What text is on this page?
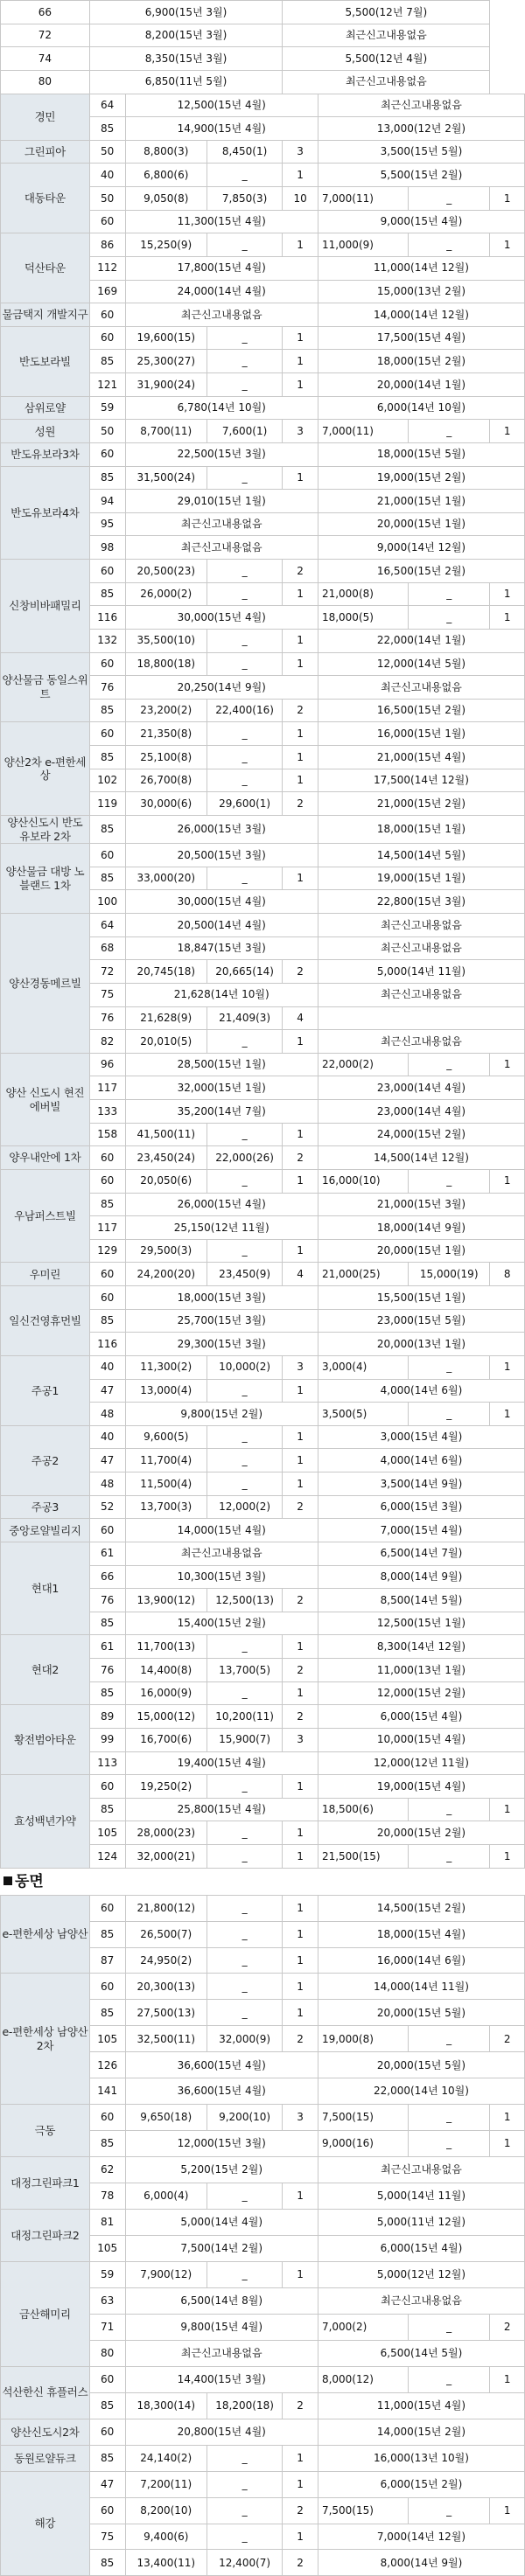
66	6,900(15년 3월)			5,500(12년 7월)			
72	8,200(15년 3월)			최근신고내용없음			
74	8,350(15년 3월)			5,500(12년 4월)			
80	6,850(11년 5월)			최근신고내용없음			
경민	64	12,500(15년 4월)			최근신고내용없음		
	85	14,900(15년 4월)			13,000(12년 2월)		
그린피아	50	8,800(3)	8,450(1)	3	3,500(15년 5월)		
대동타운	40	6,800(6)	_	1	5,500(15년 2월)		
	50	9,050(8)	7,850(3)	10	7,000(11)	_	1
	60	11,300(15년 4월)			9,000(15년 4월)		
덕산타운	86	15,250(9)	_	1	11,000(9)	_	1
	112	17,800(15년 4월)			11,000(14년 12월)		
	169	24,000(14년 4월)			15,000(13년 2월)		
물금택지 개발지구	60	최근신고내용없음			14,000(14년 12월)		
반도보라빌	60	19,600(15)	_	1	17,500(15년 4월)		
	85	25,300(27)	_	1	18,000(15년 2월)		
	121	31,900(24)	_	1	20,000(14년 1월)		
삼위로얄	59	6,780(14년 10월)			6,000(14년 10월)		
성원	50	8,700(11)	7,600(1)	3	7,000(11)	_	1
반도유보라3차	60	22,500(15년 3월)			18,000(15년 5월)		
반도유보라4차	85	31,500(24)	_	1	19,000(15년 2월)		
	94	29,010(15년 1월)			21,000(15년 1월)		
	95	최근신고내용없음			20,000(15년 1월)		
	98	최근신고내용없음			9,000(14년 12월)		
신창비바패밀리	60	20,500(23)	_	2	16,500(15년 2월)		
	85	26,000(2)	_	1	21,000(8)	_	1
	116	30,000(15년 4월)			18,000(5)	_	1
	132	35,500(10)	_	1	22,000(14년 1월)		
양산물금 동일스위트	60	18,800(18)	_	1	12,000(14년 5월)		
	76	20,250(14년 9월)			최근신고내용없음		
	85	23,200(2)	22,400(16)	2	16,500(15년 2월)		
양산2차 e-편한세상	60	21,350(8)	_	1	16,000(15년 1월)		
	85	25,100(8)	_	1	21,000(15년 4월)		
	102	26,700(8)	_	1	17,500(14년 12월)		
	119	30,000(6)	29,600(1)	2	21,000(15년 2월)		
양산신도시 반도 유보라 2차	85	26,000(15년 3월)			18,000(15년 1월)		
양산물금 대방 노블랜드 1차	60	20,500(15년 3월)			14,500(14년 5월)		
	85	33,000(20)	_	1	19,000(15년 1월)		
	100	30,000(15년 4월)			22,800(15년 3월)		
양산경동메르빌	64	20,500(14년 4월)			최근신고내용없음		
	68	18,847(15년 3월)			최근신고내용없음		
	72	20,745(18)	20,665(14)	2	5,000(14년 11월)		
	75	21,628(14년 10월)			최근신고내용없음		
	76	21,628(9)	21,409(3)	4			
	82	20,010(5)	_	1	최근신고내용없음		
양산 신도시 현진에버빌	96	28,500(15년 1월)			22,000(2)	_	1
	117	32,000(15년 1월)			23,000(14년 4월)		
	133	35,200(14년 7월)			23,000(14년 4월)		
	158	41,500(11)	_	1	24,000(15년 2월)		
양우내안에 1차	60	23,450(24)	22,000(26)	2	14,500(14년 12월)		
우남퍼스트빌	60	20,050(6)	_	1	16,000(10)	_	1
	85	26,000(15년 4월)			21,000(15년 3월)		
	117	25,150(12년 11월)			18,000(14년 9월)		
	129	29,500(3)	_	1	20,000(15년 1월)		
우미린	60	24,200(20)	23,450(9)	4	21,000(25)	15,000(19)	8
일신건영휴먼빌	60	18,000(15년 3월)			15,500(15년 1월)		
	85	25,700(15년 3월)			23,000(15년 5월)		
	116	29,300(15년 3월)			20,000(13년 1월)		
주공1	40	11,300(2)	10,000(2)	3	3,000(4)	_	1
	47	13,000(4)	_	1	4,000(14년 6월)		
	48	9,800(15년 2월)			3,500(5)	_	1
주공2	40	9,600(5)	_	1	3,000(15년 4월)		
	47	11,700(4)	_	1	4,000(14년 6월)		
	48	11,500(4)	_	1	3,500(14년 9월)		
주공3	52	13,700(3)	12,000(2)	2	6,000(15년 3월)		
중앙로얄빌리지	60	14,000(15년 4월)			7,000(15년 4월)		
현대1	61	최근신고내용없음			6,500(14년 7월)		
	66	10,300(15년 3월)			8,000(14년 9월)		
	76	13,900(12)	12,500(13)	2	8,500(14년 5월)		
	85	15,400(15년 2월)			12,500(15년 1월)		
현대2	61	11,700(13)	_	1	8,300(14년 12월)		
	76	14,400(8)	13,700(5)	2	11,000(13년 1월)		
	85	16,000(9)	_	1	12,000(15년 2월)		
황전범아타운	89	15,000(12)	10,200(11)	2	6,000(15년 4월)		
	99	16,700(6)	15,900(7)	3	10,000(15년 4월)		
	113	19,400(15년 4월)			12,000(12년 11월)		
효성백년가약	60	19,250(2)	_	1	19,000(15년 4월)		
	85	25,800(15년 4월)			18,500(6)	_	1
	105	28,000(23)	_	1	20,000(15년 2월)		
	124	32,000(21)	_	1	21,500(15)	_	1
동면
e-편한세상 남양산	60	21,800(12)	_	1	14,500(15년 2월)		
	85	26,500(7)	_	1	18,000(15년 4월)		
	87	24,950(2)	_	1	16,000(14년 6월)		
e-편한세상 남양산2차	60	20,300(13)	_	1	14,000(14년 11월)		
	85	27,500(13)	_	1	20,000(15년 5월)		
	105	32,500(11)	32,000(9)	2	19,000(8)	_	2
	126	36,600(15년 4월)			20,000(15년 5월)		
	141	36,600(15년 4월)			22,000(14년 10월)		
극동	60	9,650(18)	9,200(10)	3	7,500(15)	_	1
	85	12,000(15년 3월)			9,000(16)	_	1
대정그린파크1	62	5,200(15년 2월)			최근신고내용없음		
	78	6,000(4)	_	1	5,000(14년 11월)		
대정그린파크2	81	5,000(14년 4월)			5,000(11년 12월)		
	105	7,500(14년 2월)			6,000(15년 4월)		
금산해미리	59	7,900(12)	_	1	5,000(12년 12월)		
	63	6,500(14년 8월)			최근신고내용없음		
	71	9,800(15년 4월)			7,000(2)	_	2
	80	최근신고내용없음			6,500(14년 5월)		
석산한신 휴플러스	60	14,400(15년 3월)			8,000(12)	_	1
	85	18,300(14)	18,200(18)	2	11,000(15년 4월)		
양산신도시2차	60	20,800(15년 4월)			14,000(15년 2월)		
동원로얄듀크	85	24,140(2)	_	1	16,000(13년 10월)		
해강	47	7,200(11)	_	1	6,000(15년 2월)		
	60	8,200(10)	_	2	7,500(15)	_	1
	75	9,400(6)	_	1	7,000(14년 12월)		
	85	13,400(11)	12,400(7)	2	8,000(14년 9월)		
